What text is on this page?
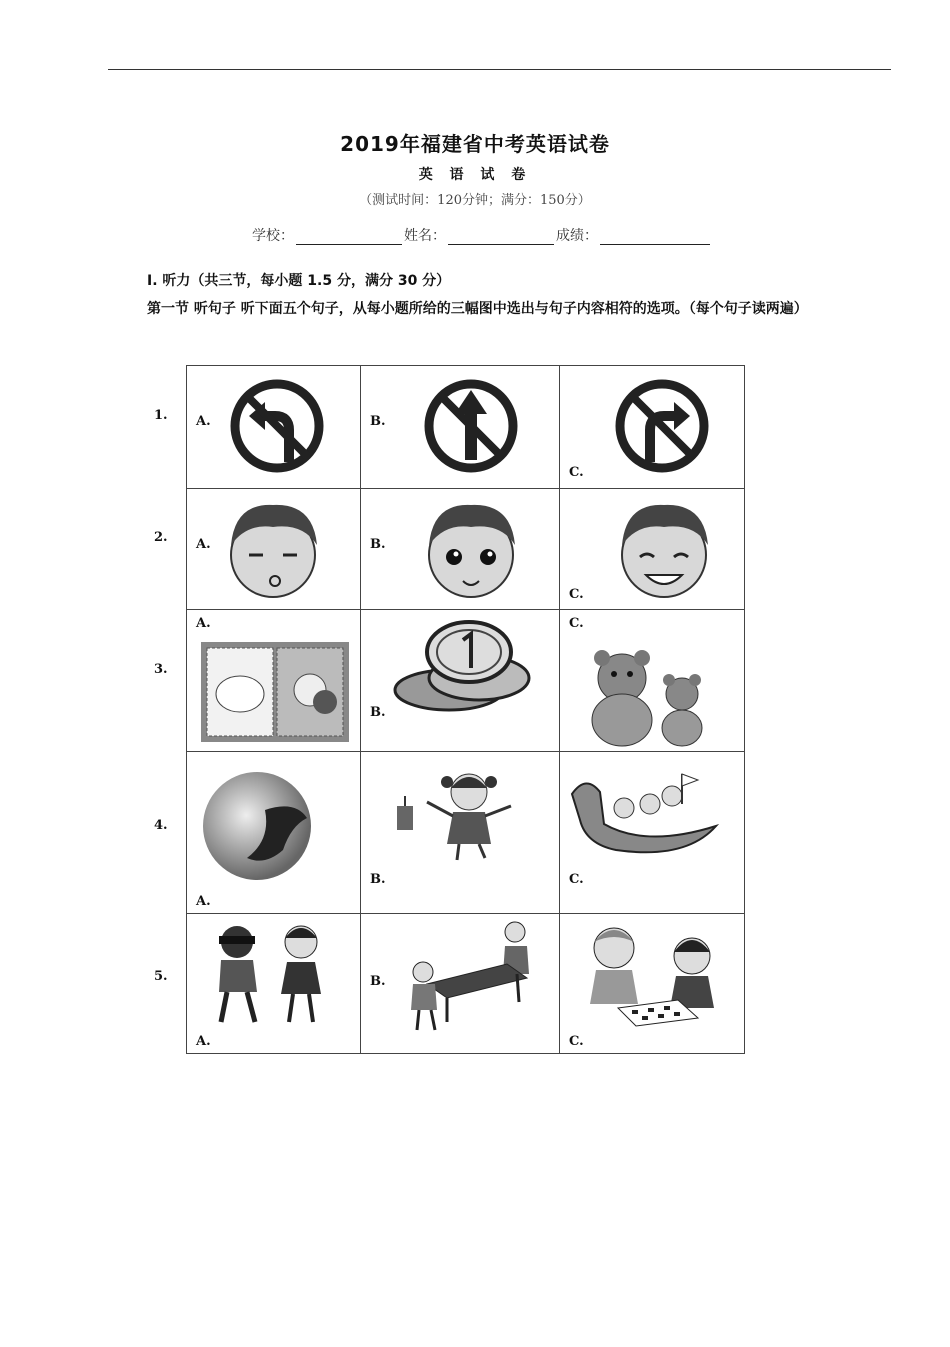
2019年福建省中考英语试卷
英 语 试 卷
（测试时间：120分钟；满分：150分）
学校：	姓名：	成绩：
Ⅰ. 听力（共三节，每小题 1.5 分，满分 30 分）
第一节 听句子 听下面五个句子，从每小题所给的三幅图中选出与句子内容相符的选项。（每个句子读两遍）
1. A.	B.	C.

2. A.	B.	C.

3.
A.	B.	C.

4.
A.	B.	C.

5.
A.	B.	C.
